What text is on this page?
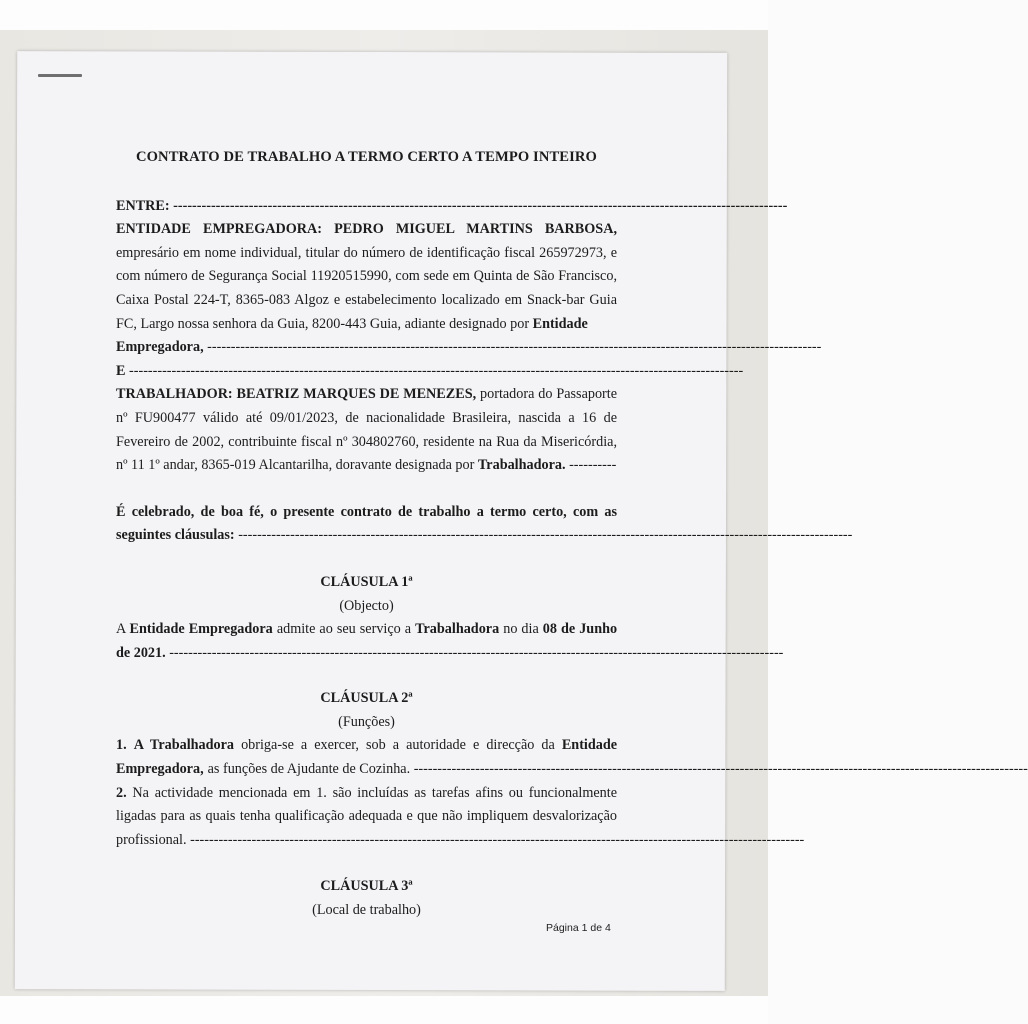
CONTRATO DE TRABALHO A TERMO CERTO A TEMPO INTEIRO

ENTRE: ----------------------------------------------------------------------------------------------------------------------------------

ENTIDADE EMPREGADORA: PEDRO MIGUEL MARTINS BARBOSA,

empresário em nome individual, titular do número de identificação fiscal 265972973, e com número de Segurança Social 11920515990, com sede em Quinta de São Francisco, Caixa Postal 224-T, 8365-083 Algoz e estabelecimento localizado em Snack-bar Guia FC, Largo nossa senhora da Guia, 8200-443 Guia, adiante designado por Entidade

Empregadora, ----------------------------------------------------------------------------------------------------------------------------------
E ----------------------------------------------------------------------------------------------------------------------------------

TRABALHADOR: BEATRIZ MARQUES DE MENEZES, portadora do Passaporte nº FU900477 válido até 09/01/2023, de nacionalidade Brasileira, nascida a 16 de Fevereiro de 2002, contribuinte fiscal nº 304802760, residente na Rua da Misericórdia, nº 11 1º andar, 8365-019 Alcantarilha, doravante designada por Trabalhadora. ----------

É celebrado, de boa fé, o presente contrato de trabalho a termo certo, com as

seguintes cláusulas: ----------------------------------------------------------------------------------------------------------------------------------

CLÁUSULA 1ª

(Objecto)

A Entidade Empregadora admite ao seu serviço a Trabalhadora no dia 08 de Junho

de 2021. ----------------------------------------------------------------------------------------------------------------------------------

CLÁUSULA 2ª

(Funções)

1. A Trabalhadora obriga-se a exercer, sob a autoridade e direcção da Entidade

Empregadora, as funções de Ajudante de Cozinha. ----------------------------------------------------------------------------------------------------------------------------------

2. Na actividade mencionada em 1. são incluídas as tarefas afins ou funcionalmente

ligadas para as quais tenha qualificação adequada e que não impliquem desvalorização

profissional. ----------------------------------------------------------------------------------------------------------------------------------

CLÁUSULA 3ª

(Local de trabalho)

Página 1 de 4
